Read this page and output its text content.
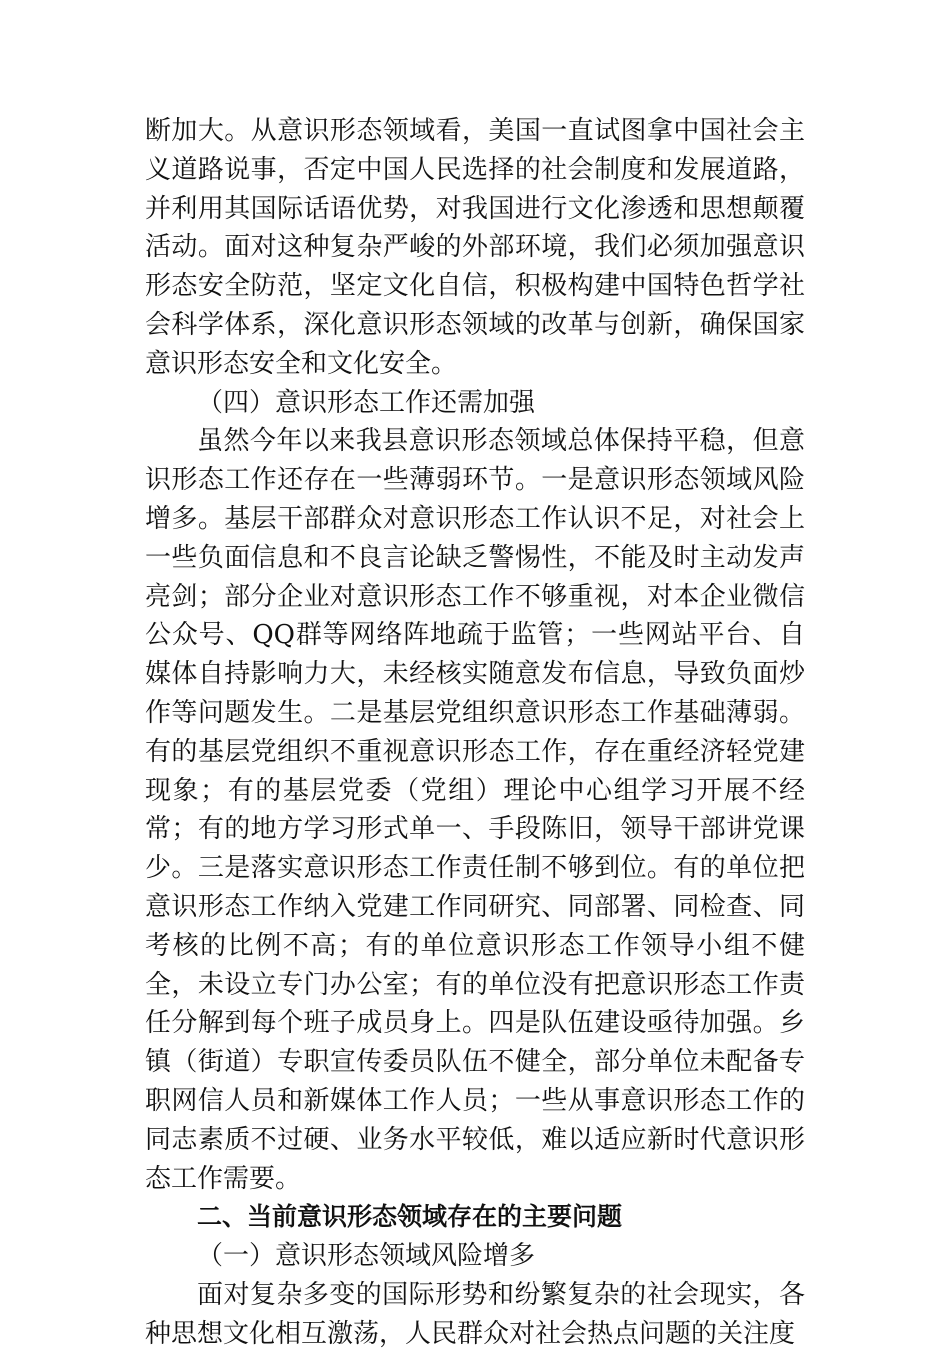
断加大。从意识形态领域看，美国一直试图拿中国社会主义道路说事，否定中国人民选择的社会制度和发展道路，并利用其国际话语优势，对我国进行文化渗透和思想颠覆活动。面对这种复杂严峻的外部环境，我们必须加强意识形态安全防范，坚定文化自信，积极构建中国特色哲学社会科学体系，深化意识形态领域的改革与创新，确保国家意识形态安全和文化安全。

（四）意识形态工作还需加强

虽然今年以来我县意识形态领域总体保持平稳，但意识形态工作还存在一些薄弱环节。一是意识形态领域风险增多。基层干部群众对意识形态工作认识不足，对社会上一些负面信息和不良言论缺乏警惕性，不能及时主动发声亮剑；部分企业对意识形态工作不够重视，对本企业微信公众号、QQ群等网络阵地疏于监管；一些网站平台、自媒体自持影响力大，未经核实随意发布信息，导致负面炒作等问题发生。二是基层党组织意识形态工作基础薄弱。有的基层党组织不重视意识形态工作，存在重经济轻党建现象；有的基层党委（党组）理论中心组学习开展不经常；有的地方学习形式单一、手段陈旧，领导干部讲党课少。三是落实意识形态工作责任制不够到位。有的单位把意识形态工作纳入党建工作同研究、同部署、同检查、同考核的比例不高；有的单位意识形态工作领导小组不健全，未设立专门办公室；有的单位没有把意识形态工作责任分解到每个班子成员身上。四是队伍建设亟待加强。乡镇（街道）专职宣传委员队伍不健全，部分单位未配备专职网信人员和新媒体工作人员；一些从事意识形态工作的同志素质不过硬、业务水平较低，难以适应新时代意识形态工作需要。

二、当前意识形态领域存在的主要问题

（一）意识形态领域风险增多

面对复杂多变的国际形势和纷繁复杂的社会现实，各种思想文化相互激荡，人民群众对社会热点问题的关注度
